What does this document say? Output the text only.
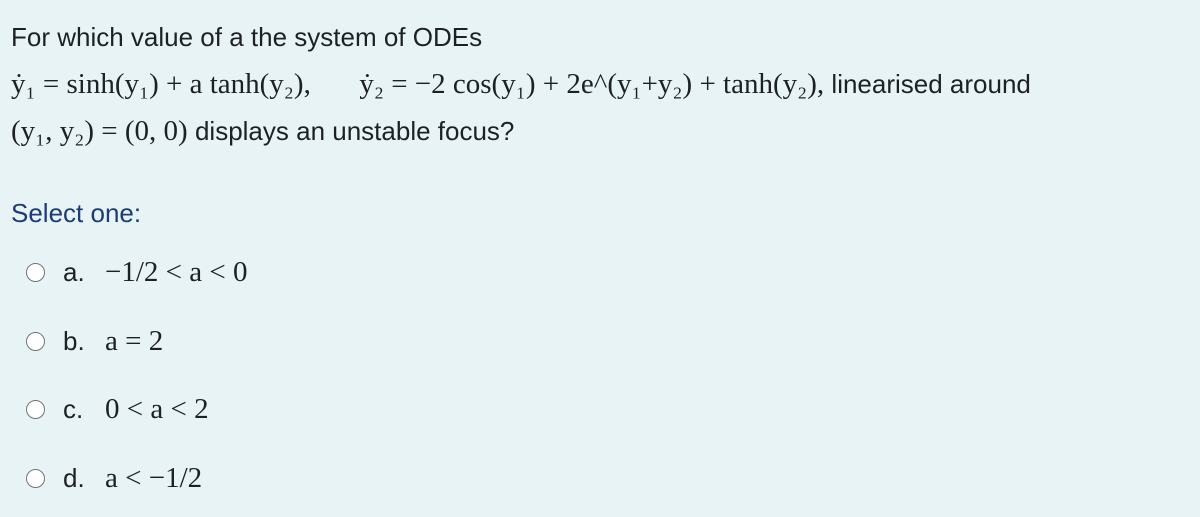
For which value of a the system of ODEs
ẏ₁ = sinh(y₁) + a tanh(y₂), ẏ₂ = −2 cos(y₁) + 2e^(y₁+y₂) + tanh(y₂), linearised around
(y₁, y₂) = (0, 0) displays an unstable focus?

Select one:

a. −1/2 < a < 0
b. a = 2
c. 0 < a < 2
d. a < −1/2
